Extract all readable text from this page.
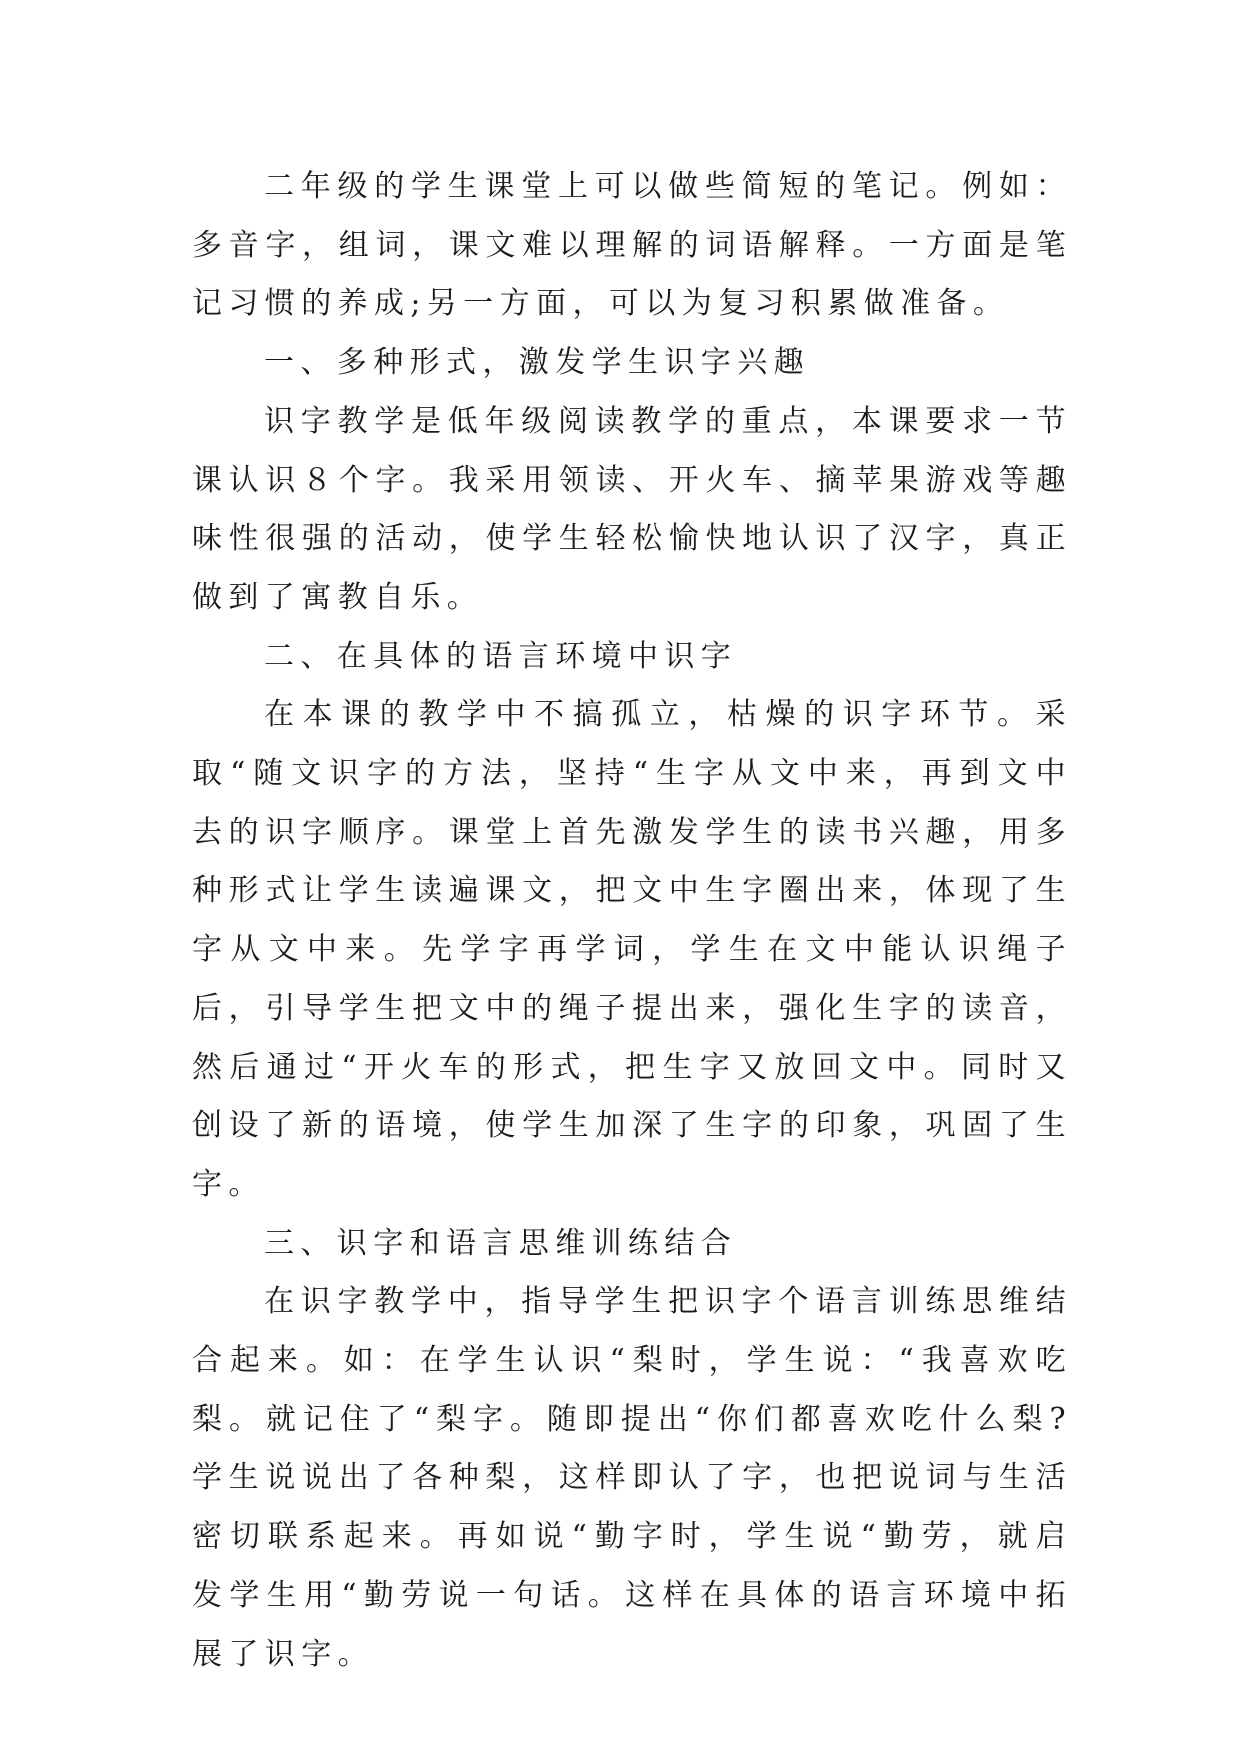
二年级的学生课堂上可以做些简短的笔记。例如：多音字，组词，课文难以理解的词语解释。一方面是笔记习惯的养成;另一方面，可以为复习积累做准备。

一、多种形式，激发学生识字兴趣

识字教学是低年级阅读教学的重点，本课要求一节课认识８个字。我采用领读、开火车、摘苹果游戏等趣味性很强的活动，使学生轻松愉快地认识了汉字，真正做到了寓教自乐。

二、在具体的语言环境中识字

在本课的教学中不搞孤立，枯燥的识字环节。采取“随文识字的方法，坚持“生字从文中来，再到文中去的识字顺序。课堂上首先激发学生的读书兴趣，用多种形式让学生读遍课文，把文中生字圈出来，体现了生字从文中来。先学字再学词，学生在文中能认识绳子后，引导学生把文中的绳子提出来，强化生字的读音，然后通过“开火车的形式，把生字又放回文中。同时又创设了新的语境，使学生加深了生字的印象，巩固了生字。

三、识字和语言思维训练结合

在识字教学中，指导学生把识字个语言训练思维结合起来。如：在学生认识“梨时，学生说：“我喜欢吃梨。就记住了“梨字。随即提出“你们都喜欢吃什么梨?学生说说出了各种梨，这样即认了字，也把说词与生活密切联系起来。再如说“勤字时，学生说“勤劳，就启发学生用“勤劳说一句话。这样在具体的语言环境中拓展了识字。
